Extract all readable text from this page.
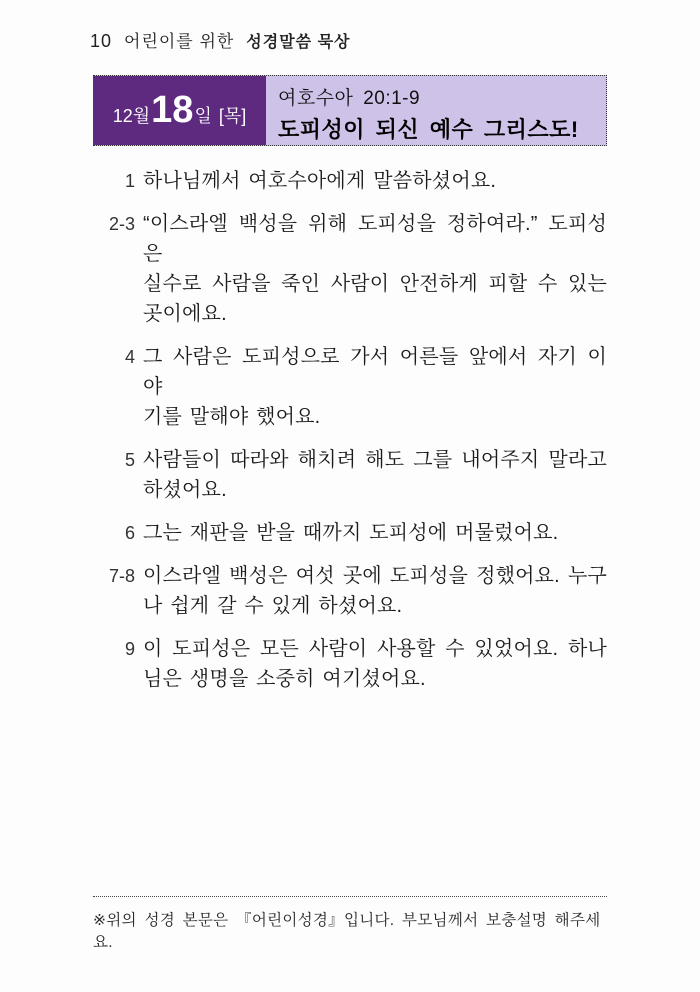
10 어린이를 위한 성경말씀 묵상
12월 18 일 [목]
여호수아 20:1-9
도피성이 되신 예수 그리스도!
1 하나님께서 여호수아에게 말씀하셨어요.
2-3 “이스라엘 백성을 위해 도피성을 정하여라.” 도피성은
실수로 사람을 죽인 사람이 안전하게 피할 수 있는
곳이에요.
4 그 사람은 도피성으로 가서 어른들 앞에서 자기 이야
기를 말해야 했어요.
5 사람들이 따라와 해치려 해도 그를 내어주지 말라고
하셨어요.
6 그는 재판을 받을 때까지 도피성에 머물렀어요.
7-8 이스라엘 백성은 여섯 곳에 도피성을 정했어요. 누구
나 쉽게 갈 수 있게 하셨어요.
9 이 도피성은 모든 사람이 사용할 수 있었어요. 하나
님은 생명을 소중히 여기셨어요.
※위의 성경 본문은 『어린이성경』입니다. 부모님께서 보충설명 해주세요.
